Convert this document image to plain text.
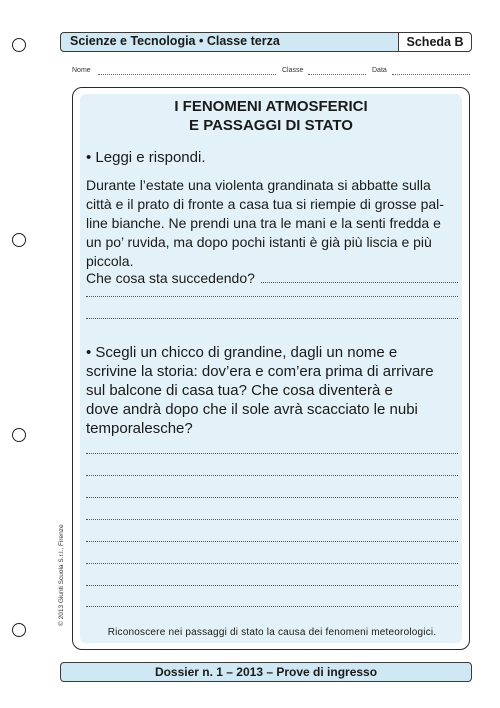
Scienze e Tecnologia • Classe terza	Scheda B
Nome	Classe	Data
I FENOMENI ATMOSFERICI
E PASSAGGI DI STATO
• Leggi e rispondi.

Durante l’estate una violenta grandinata si abbatte sulla

città e il prato di fronte a casa tua si riempie di grosse pal-

line bianche. Ne prendi una tra le mani e la senti fredda e

un po’ ruvida, ma dopo pochi istanti è già più liscia e più

piccola.

Che cosa sta succedendo?

• Scegli un chicco di grandine, dagli un nome e

scrivine la storia: dov’era e com’era prima di arrivare

sul balcone di casa tua? Che cosa diventerà e

dove andrà dopo che il sole avrà scacciato le nubi

temporalesche?

Riconoscere nei passaggi di stato la causa dei fenomeni meteorologici.
Dossier n. 1 – 2013 – Prove di ingresso
© 2013 Giunti Scuola S.r.l., Firenze
